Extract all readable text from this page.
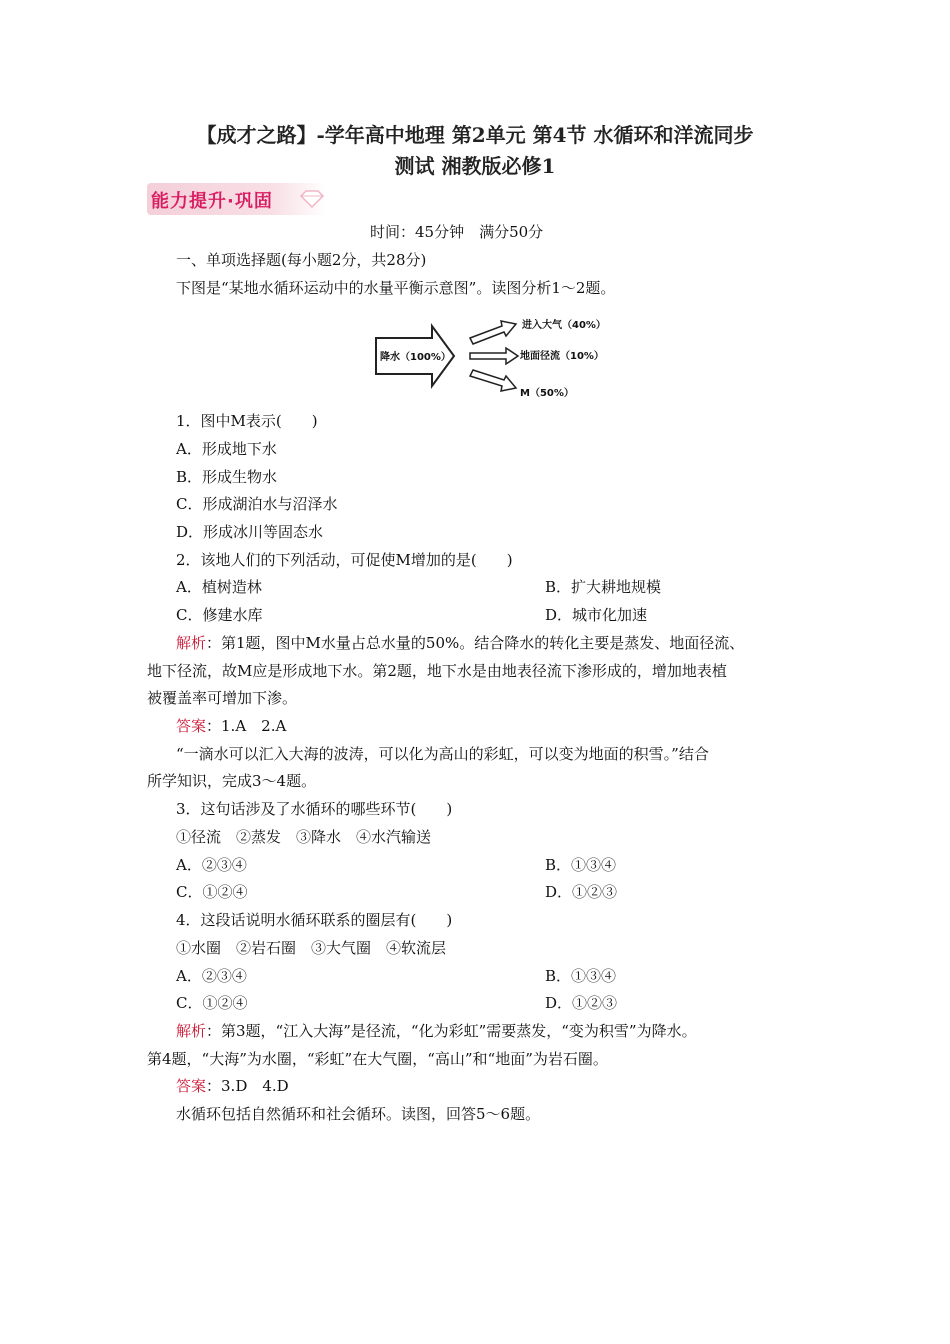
【成才之路】-学年高中地理 第2单元 第4节 水循环和洋流同步
测试 湘教版必修1
能力提升·巩固
时间：45分钟　满分50分
一、单项选择题(每小题2分，共28分)
下图是“某地水循环运动中的水量平衡示意图”。读图分析1～2题。
降水（100%）
进入大气（40%）
地面径流（10%）
M（50%）
1．图中M表示(　　)
A．形成地下水
B．形成生物水
C．形成湖泊水与沼泽水
D．形成冰川等固态水
2．该地人们的下列活动，可促使M增加的是(　　)
A．植树造林	B．扩大耕地规模
C．修建水库	D．城市化加速
解析：第1题，图中M水量占总水量的50%。结合降水的转化主要是蒸发、地面径流、
地下径流，故M应是形成地下水。第2题，地下水是由地表径流下渗形成的，增加地表植
被覆盖率可增加下渗。
答案：1.A　2.A
“一滴水可以汇入大海的波涛，可以化为高山的彩虹，可以变为地面的积雪。”结合
所学知识，完成3～4题。
3．这句话涉及了水循环的哪些环节(　　)
①径流　②蒸发　③降水　④水汽输送
A．②③④	B．①③④
C．①②④	D．①②③
4．这段话说明水循环联系的圈层有(　　)
①水圈　②岩石圈　③大气圈　④软流层
A．②③④	B．①③④
C．①②④	D．①②③
解析：第3题，“江入大海”是径流，“化为彩虹”需要蒸发，“变为积雪”为降水。
第4题，“大海”为水圈，“彩虹”在大气圈，“高山”和“地面”为岩石圈。
答案：3.D　4.D
水循环包括自然循环和社会循环。读图，回答5～6题。
